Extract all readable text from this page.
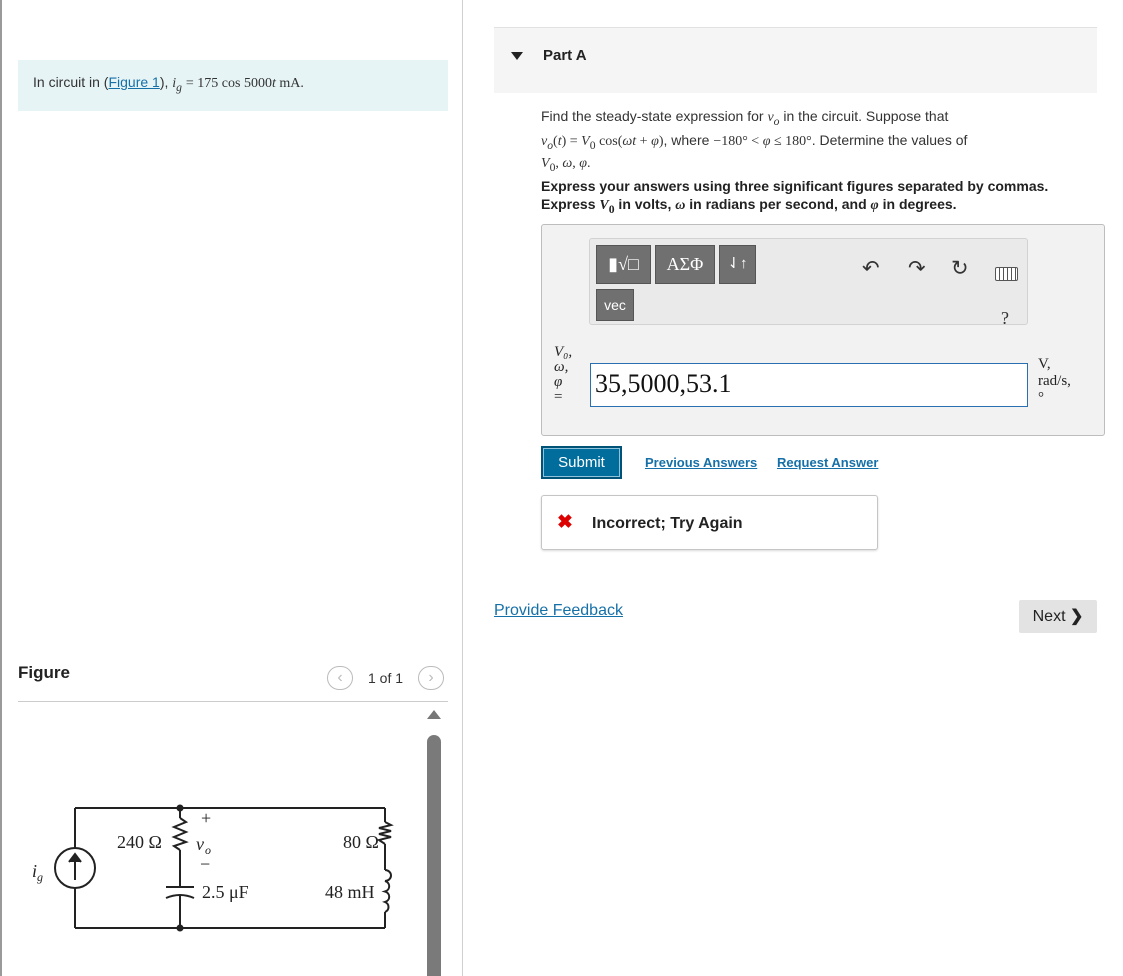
In circuit in (Figure 1), $i_g = 175$ cos 5000t mA.
Figure	‹	1 of 1	›
240 Ω	80 Ω
2.5 μF	48 mH
+
v o
−
i g
Part A
Find the steady-state expression for $v_o$ in the circuit. Suppose that
$v_o(t) = V_0$ cos(ωt + φ), where −180° < φ ≤ 180°. Determine the values of
$V_0$, ω, φ.
Express your answers using three significant figures separated by commas.
Express $V_0$ in volts, ω in radians per second, and φ in degrees.
▮√□	ΑΣΦ	⇃↑
vec
↶ ↷ ↻
?
V₀,
ω,
φ
=	35,5000,53.1
V,
rad/s,
°
Submit	Previous Answers Request Answer
✖ Incorrect; Try Again
Provide Feedback	Next ❯
